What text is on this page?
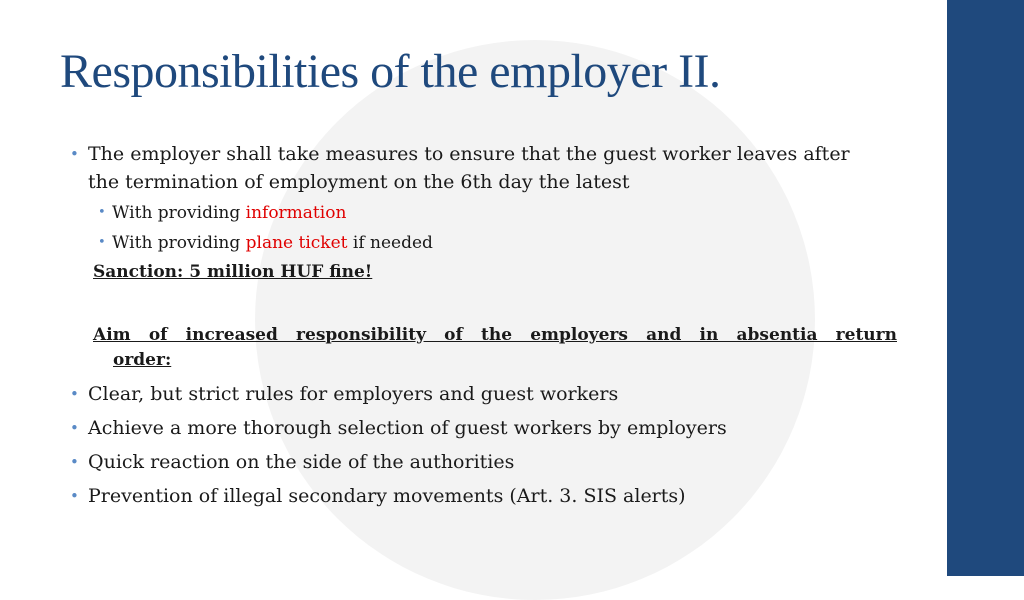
Responsibilities of the employer II.
• The employer shall take measures to ensure that the guest worker leaves after
the termination of employment on the 6th day the latest
• With providing information
• With providing plane ticket if needed
Sanction: 5 million HUF fine!
Aim of increased responsibility of the employers and in absentia return
order:
• Clear, but strict rules for employers and guest workers
• Achieve a more thorough selection of guest workers by employers
• Quick reaction on the side of the authorities
• Prevention of illegal secondary movements (Art. 3. SIS alerts)
